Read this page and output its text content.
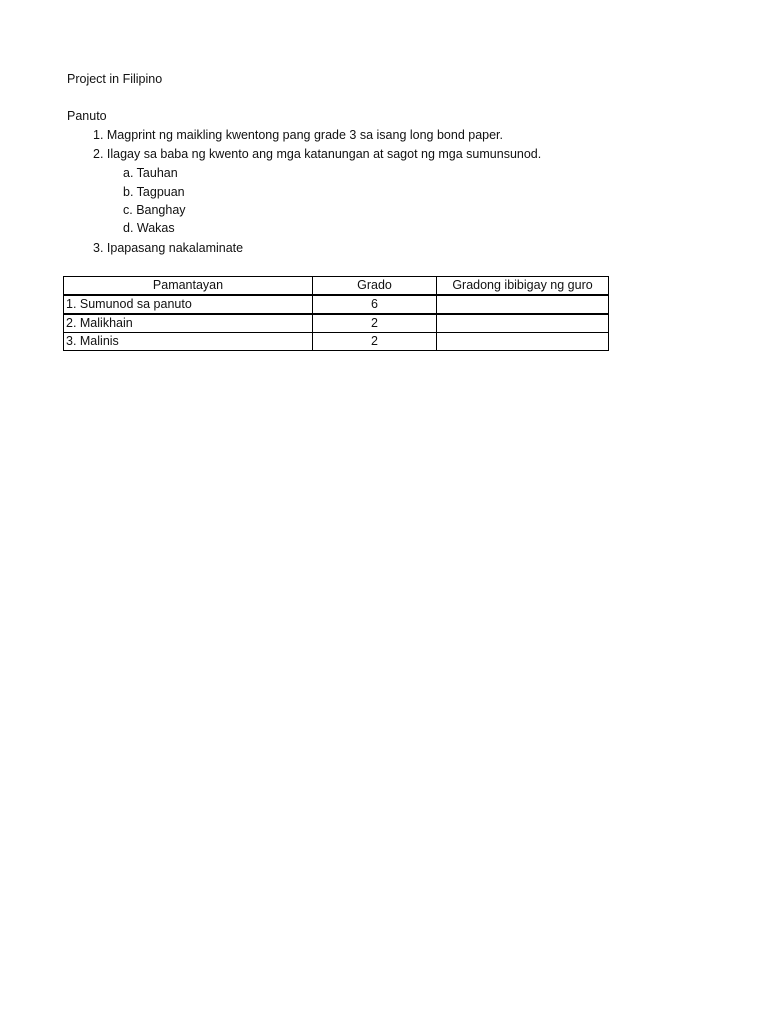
Project in Filipino
Panuto
1. Magprint ng maikling kwentong pang grade 3 sa isang long bond paper.
2. Ilagay sa baba ng kwento ang mga katanungan at sagot ng mga sumunsunod.
a. Tauhan
b. Tagpuan
c. Banghay
d. Wakas
3. Ipapasang nakalaminate
Pamantayan	Grado	Gradong ibibigay ng guro
1. Sumunod sa panuto	6	
2. Malikhain	2	
3. Malinis	2	
